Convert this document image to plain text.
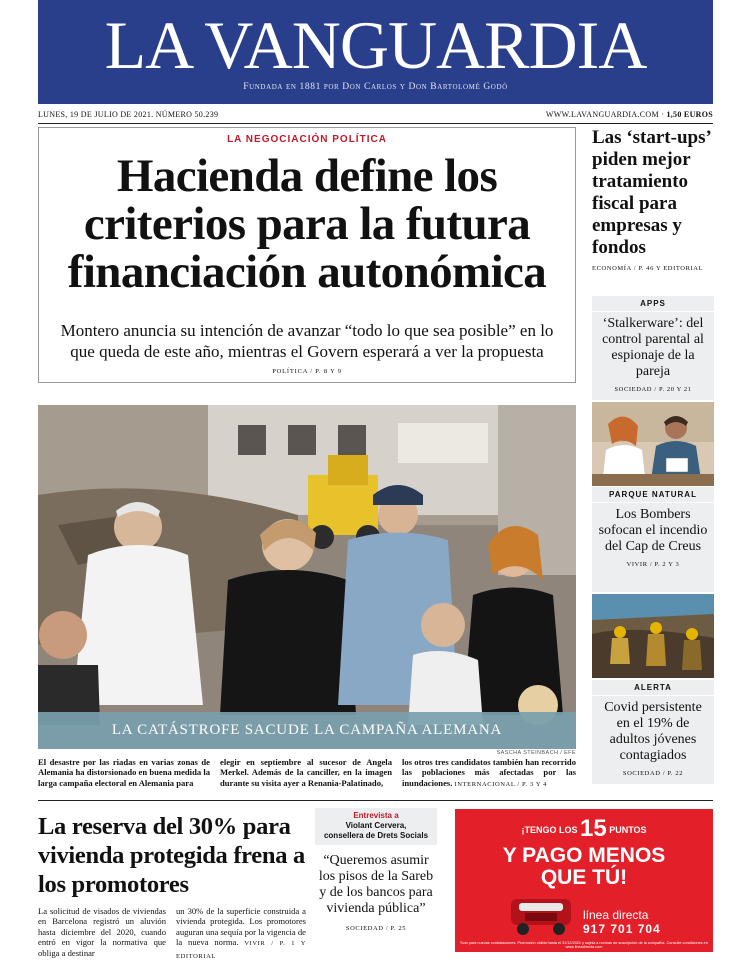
LA VANGUARDIA
Fundada en 1881 por Don Carlos y Don Bartolomé Godó
LUNES, 19 DE JULIO DE 2021. NÚMERO 50.239	WWW.LAVANGUARDIA.COM · 1,50 EUROS
LA NEGOCIACIÓN POLÍTICA
Hacienda define los criterios para la futura financiación autonómica
Montero anuncia su intención de avanzar “todo lo que sea posible” en lo que queda de este año, mientras el Govern esperará a ver la propuesta
POLÍTICA / P. 8 Y 9
Las ‘start-ups’ piden mejor tratamiento fiscal para empresas y fondos
ECONOMÍA / P. 46 Y EDITORIAL
APPS
‘Stalkerware’: del control parental al espionaje de la pareja
SOCIEDAD / P. 20 Y 21
PARQUE NATURAL
Los Bombers sofocan el incendio del Cap de Creus
VIVIR / P. 2 Y 3
ALERTA
Covid persistente en el 19% de adultos jóvenes contagiados
SOCIEDAD / P. 22
LA CATÁSTROFE SACUDE LA CAMPAÑA ALEMANA
SASCHA STEINBACH / EFE
El desastre por las riadas en varias zonas de Alemania ha distorsionado en buena medida la larga campaña electoral en Alemania para
elegir en septiembre al sucesor de Angela Merkel. Además de la canciller, en la imagen durante su visita ayer a Renania-Palatinado,
los otros tres candidatos también han recorrido las poblaciones más afectadas por las inundaciones. INTERNACIONAL / P. 3 Y 4
La reserva del 30% para vivienda protegida frena a los promotores
La solicitud de visados de viviendas en Barcelona registró un aluvión hasta diciembre del 2020, cuando entró en vigor la normativa que obliga a destinar
un 30% de la superficie construida a vivienda protegida. Los promotores auguran una sequía por la vigencia de la nueva norma. VIVIR / P. 1 Y EDITORIAL
Entrevista a
Violant Cervera,
consellera de Drets Socials
“Queremos asumir los pisos de la Sareb y de los bancos para vivienda pública”
SOCIEDAD / P. 25
¡TENGO LOS 15 PUNTOS
Y PAGO MENOS
QUE TÚ!
línea directa
917 701 704
Solo para nuevas contrataciones. Promoción válida hasta el 31/12/2021 y sujeta a normas de suscripción de la compañía. Consulte condiciones en www.lineadirecta.com
